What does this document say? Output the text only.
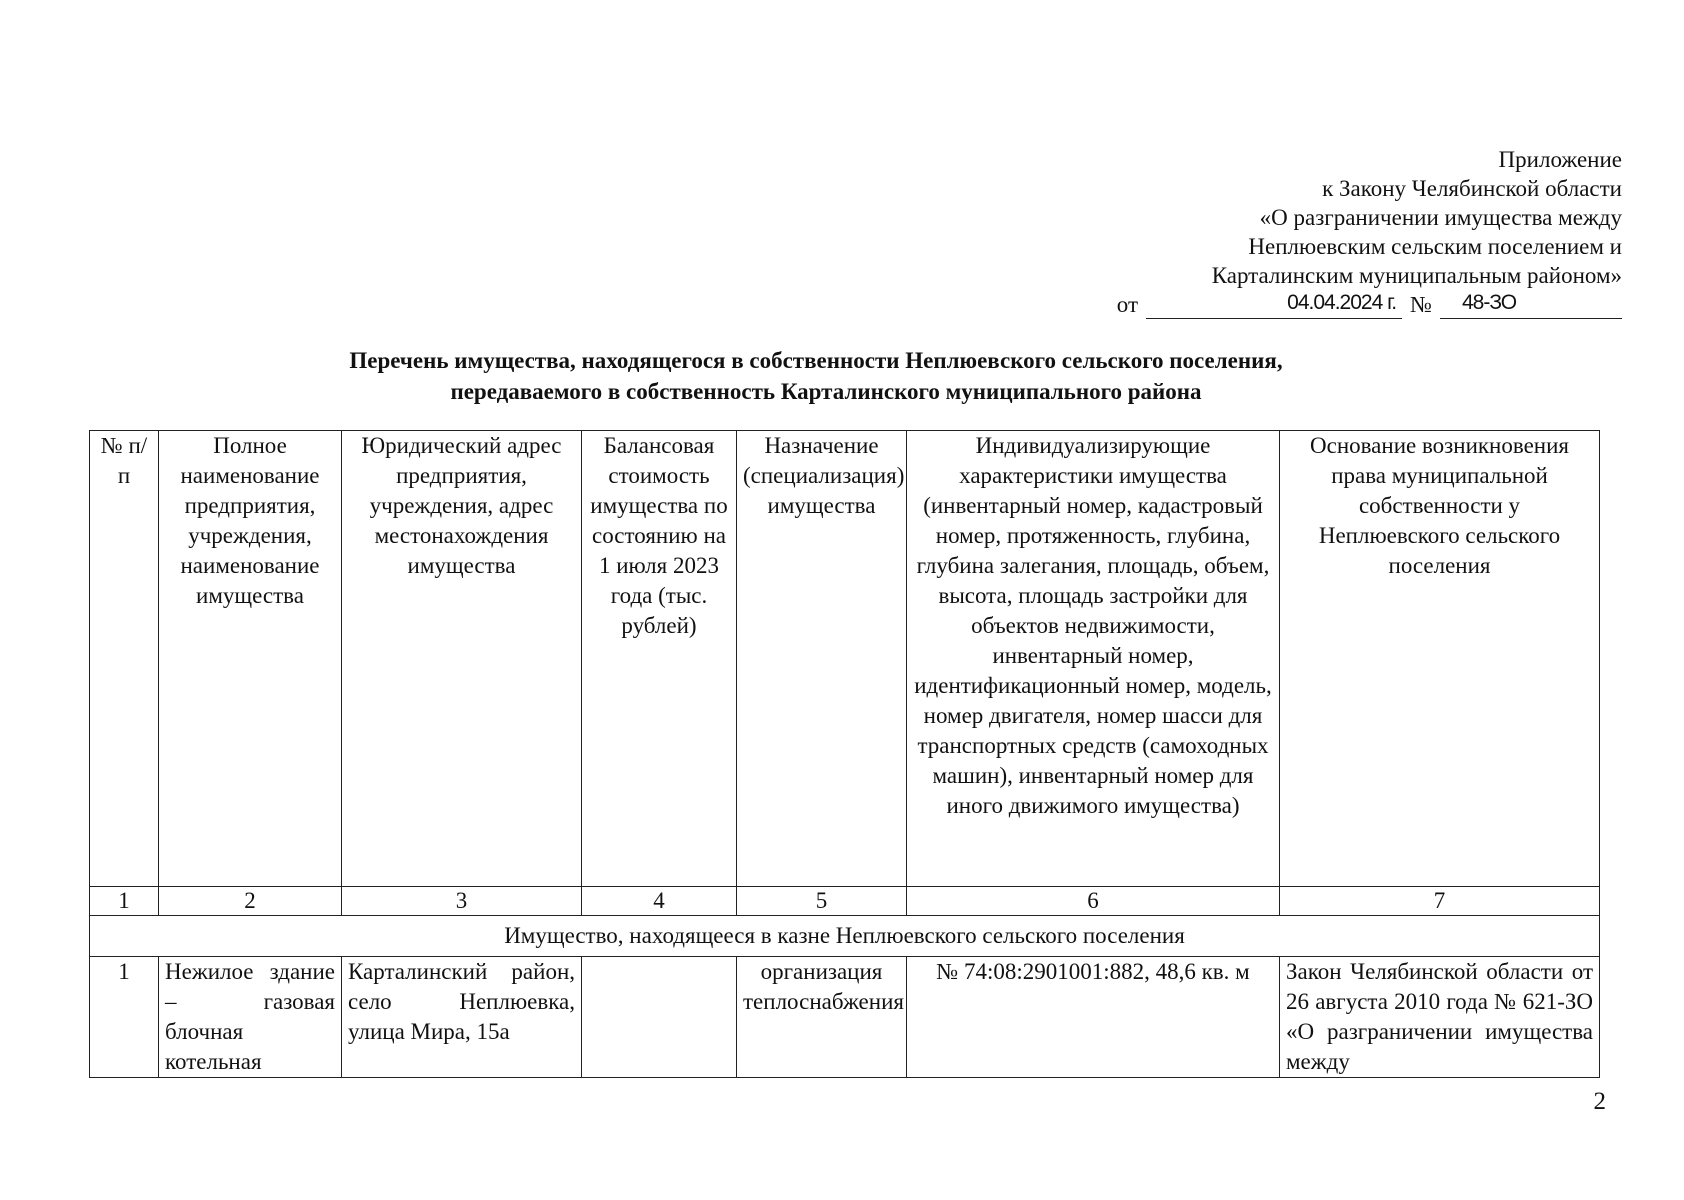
Приложение
к Закону Челябинской области
«О разграничении имущества между
Неплюевским сельским поселением и
Карталинским муниципальным районом»
от	04.04.2024 г. №	48-ЗО
Перечень имущества, находящегося в собственности Неплюевского сельского поселения,
передаваемого в собственность Карталинского муниципального района
№ п/п	Полное наименование предприятия, учреждения, наименование имущества	Юридический адрес предприятия, учреждения, адрес местонахождения имущества	Балансовая стоимость имущества по состоянию на 1 июля 2023 года (тыс. рублей)	Назначение (специализация) имущества	Индивидуализирующие характеристики имущества (инвентарный номер, кадастровый номер, протяженность, глубина, глубина залегания, площадь, объем, высота, площадь застройки для объектов недвижимости, инвентарный номер, идентификационный номер, модель, номер двигателя, номер шасси для транспортных средств (самоходных машин), инвентарный номер для иного движимого имущества)	Основание возникновения права муниципальной собственности у Неплюевского сельского поселения
1	2	3	4	5	6	7
Имущество, находящееся в казне Неплюевского сельского поселения						
1	Нежилое здание – газовая блочная котельная	Карталинский район, село Неплюевка, улица Мира, 15а		организация теплоснабжения	№ 74:08:2901001:882, 48,6 кв. м	Закон Челябинской области от 26 августа 2010 года № 621-ЗО «О разграничении имущества между
2
